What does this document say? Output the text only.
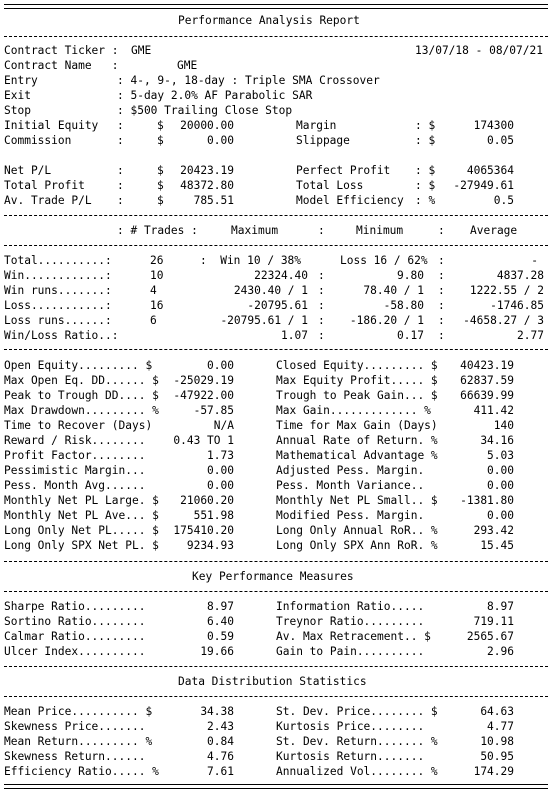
Performance Analysis Report
Contract Ticker : GME	13/07/18 - 08/07/21
Contract Name   :	GME
Entry	: 4-, 9-, 18-day : Triple SMA Crossover
Exit	: 5-day 2.0% AF Parabolic SAR
Stop	: $500 Trailing Close Stop
Initial Equity :	$	20000.00	Margin	: $	174300
Commission	:	$	0.00	Slippage	: $	0.05
Net P/L	:	$	20423.19	Perfect Profit : $	4065364
Total Profit	:	$	48372.80	Total Loss	: $	-27949.61
Av. Trade P/L :	$	785.51	Model Efficiency : %	0.5
: # Trades :	Maximum	:	Minimum	: Average
Total..........:	26	:  Win 10 / 38%	Loss 16 / 62% :	-
Win............:	10	22324.40 :	9.80 :	4837.28
Win runs.......:	4	2430.40 / 1 :	78.40 / 1 :	1222.55 / 2
Loss...........:	16	-20795.61 :	-58.80 :	-1746.85
Loss runs......:	6	-20795.61 / 1 :	-186.20 / 1 :	-4658.27 / 3
Win/Loss Ratio..:	1.07 :	0.17 :	2.77
Open Equity......... $	0.00	Closed Equity......... $	40423.19
Max Open Eq. DD...... $	-25029.19	Max Equity Profit..... $	62837.59
Peak to Trough DD.... $	-47922.00	Trough to Peak Gain... $	66639.99
Max Drawdown......... %	-57.85	Max Gain............. %	411.42
Time to Recover (Days)	N/A	Time for Max Gain (Days)	140
Reward / Risk........	0.43 TO 1	Annual Rate of Return. %	34.16
Profit Factor........	1.73	Mathematical Advantage %	5.03
Pessimistic Margin...	0.00	Adjusted Pess. Margin.	0.00
Pess. Month Avg......	0.00	Pess. Month Variance..	0.00
Monthly Net PL Large. $	21060.20	Monthly Net PL Small.. $	-1381.80
Monthly Net PL Ave... $	551.98	Modified Pess. Margin.	0.00
Long Only Net PL..... $	175410.20	Long Only Annual RoR.. %	293.42
Long Only SPX Net PL. $	9234.93	Long Only SPX Ann RoR. %	15.45
Key Performance Measures
Sharpe Ratio.........	8.97	Information Ratio.....	8.97
Sortino Ratio........	6.40	Treynor Ratio.........	719.11
Calmar Ratio.........	0.59	Av. Max Retracement.. $	2565.67
Ulcer Index..........	19.66	Gain to Pain..........	2.96
Data Distribution Statistics
Mean Price.......... $	34.38	St. Dev. Price........ $	64.63
Skewness Price.......	2.43	Kurtosis Price........	4.77
Mean Return......... %	0.84	St. Dev. Return....... %	10.98
Skewness Return......	4.76	Kurtosis Return.......	50.95
Efficiency Ratio..... %	7.61	Annualized Vol........ %	174.29
